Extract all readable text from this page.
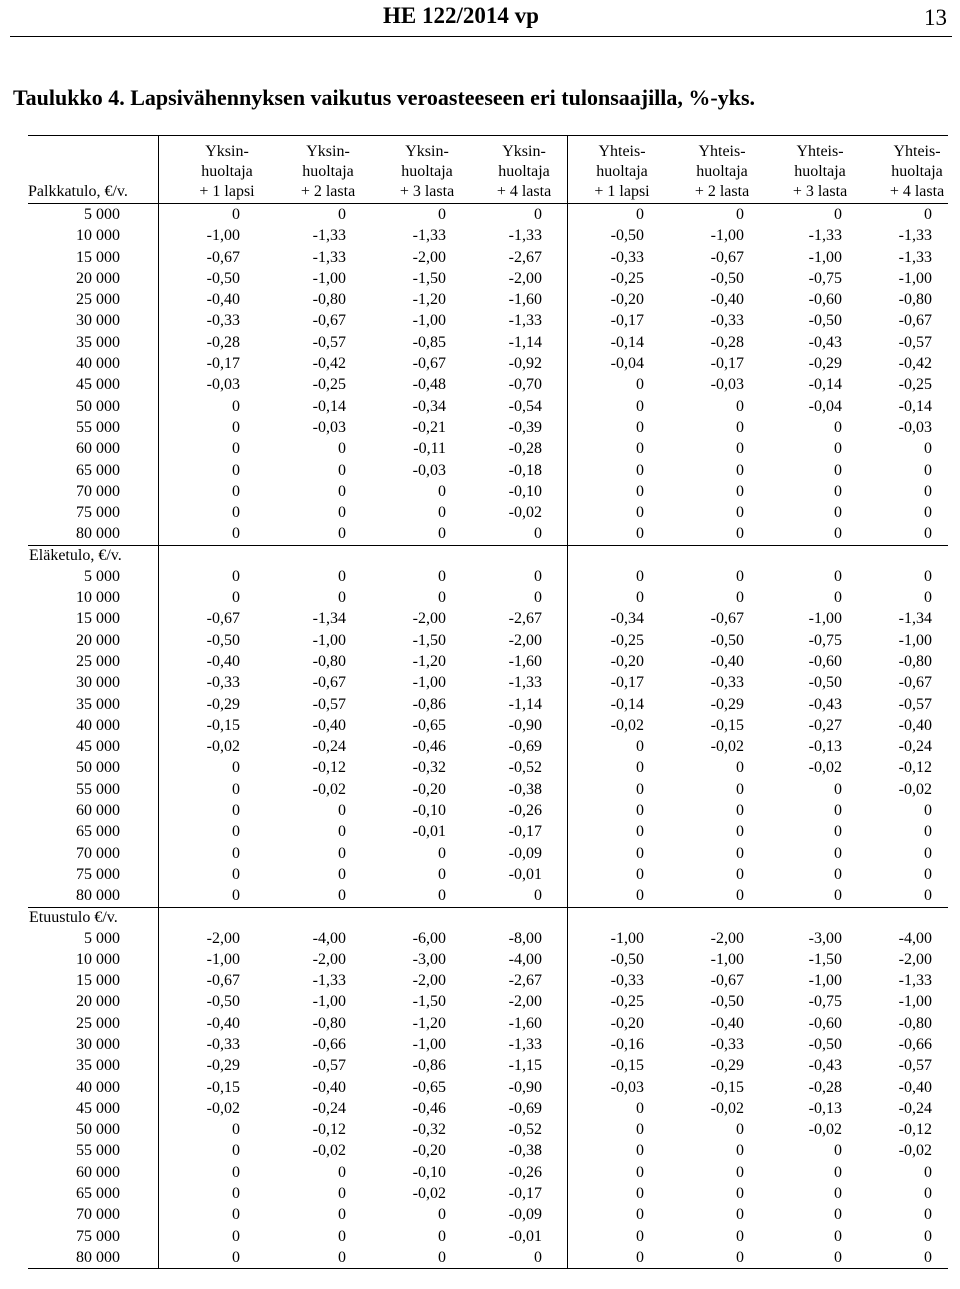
HE 122/2014 vp	13
Taulukko 4. Lapsivähennyksen vaikutus veroasteeseen eri tulonsaajilla, %-yks.
Palkkatulo, €/v.
Yksin-
huoltaja
+ 1 lapsi
Yksin-
huoltaja
+ 2 lasta
Yksin-
huoltaja
+ 3 lasta
Yksin-
huoltaja
+ 4 lasta
Yhteis-
huoltaja
+ 1 lapsi
Yhteis-
huoltaja
+ 2 lasta
Yhteis-
huoltaja
+ 3 lasta
Yhteis-
huoltaja
+ 4 lasta
5 000	0	0	0	0	0	0	0	0
10 000	-1,00	-1,33	-1,33	-1,33	-0,50	-1,00	-1,33	-1,33
15 000	-0,67	-1,33	-2,00	-2,67	-0,33	-0,67	-1,00	-1,33
20 000	-0,50	-1,00	-1,50	-2,00	-0,25	-0,50	-0,75	-1,00
25 000	-0,40	-0,80	-1,20	-1,60	-0,20	-0,40	-0,60	-0,80
30 000	-0,33	-0,67	-1,00	-1,33	-0,17	-0,33	-0,50	-0,67
35 000	-0,28	-0,57	-0,85	-1,14	-0,14	-0,28	-0,43	-0,57
40 000	-0,17	-0,42	-0,67	-0,92	-0,04	-0,17	-0,29	-0,42
45 000	-0,03	-0,25	-0,48	-0,70	0	-0,03	-0,14	-0,25
50 000	0	-0,14	-0,34	-0,54	0	0	-0,04	-0,14
55 000	0	-0,03	-0,21	-0,39	0	0	0	-0,03
60 000	0	0	-0,11	-0,28	0	0	0	0
65 000	0	0	-0,03	-0,18	0	0	0	0
70 000	0	0	0	-0,10	0	0	0	0
75 000	0	0	0	-0,02	0	0	0	0
80 000	0	0	0	0	0	0	0	0
Eläketulo, €/v.
5 000	0	0	0	0	0	0	0	0
10 000	0	0	0	0	0	0	0	0
15 000	-0,67	-1,34	-2,00	-2,67	-0,34	-0,67	-1,00	-1,34
20 000	-0,50	-1,00	-1,50	-2,00	-0,25	-0,50	-0,75	-1,00
25 000	-0,40	-0,80	-1,20	-1,60	-0,20	-0,40	-0,60	-0,80
30 000	-0,33	-0,67	-1,00	-1,33	-0,17	-0,33	-0,50	-0,67
35 000	-0,29	-0,57	-0,86	-1,14	-0,14	-0,29	-0,43	-0,57
40 000	-0,15	-0,40	-0,65	-0,90	-0,02	-0,15	-0,27	-0,40
45 000	-0,02	-0,24	-0,46	-0,69	0	-0,02	-0,13	-0,24
50 000	0	-0,12	-0,32	-0,52	0	0	-0,02	-0,12
55 000	0	-0,02	-0,20	-0,38	0	0	0	-0,02
60 000	0	0	-0,10	-0,26	0	0	0	0
65 000	0	0	-0,01	-0,17	0	0	0	0
70 000	0	0	0	-0,09	0	0	0	0
75 000	0	0	0	-0,01	0	0	0	0
80 000	0	0	0	0	0	0	0	0
Etuustulo €/v.
5 000	-2,00	-4,00	-6,00	-8,00	-1,00	-2,00	-3,00	-4,00
10 000	-1,00	-2,00	-3,00	-4,00	-0,50	-1,00	-1,50	-2,00
15 000	-0,67	-1,33	-2,00	-2,67	-0,33	-0,67	-1,00	-1,33
20 000	-0,50	-1,00	-1,50	-2,00	-0,25	-0,50	-0,75	-1,00
25 000	-0,40	-0,80	-1,20	-1,60	-0,20	-0,40	-0,60	-0,80
30 000	-0,33	-0,66	-1,00	-1,33	-0,16	-0,33	-0,50	-0,66
35 000	-0,29	-0,57	-0,86	-1,15	-0,15	-0,29	-0,43	-0,57
40 000	-0,15	-0,40	-0,65	-0,90	-0,03	-0,15	-0,28	-0,40
45 000	-0,02	-0,24	-0,46	-0,69	0	-0,02	-0,13	-0,24
50 000	0	-0,12	-0,32	-0,52	0	0	-0,02	-0,12
55 000	0	-0,02	-0,20	-0,38	0	0	0	-0,02
60 000	0	0	-0,10	-0,26	0	0	0	0
65 000	0	0	-0,02	-0,17	0	0	0	0
70 000	0	0	0	-0,09	0	0	0	0
75 000	0	0	0	-0,01	0	0	0	0
80 000	0	0	0	0	0	0	0	0
